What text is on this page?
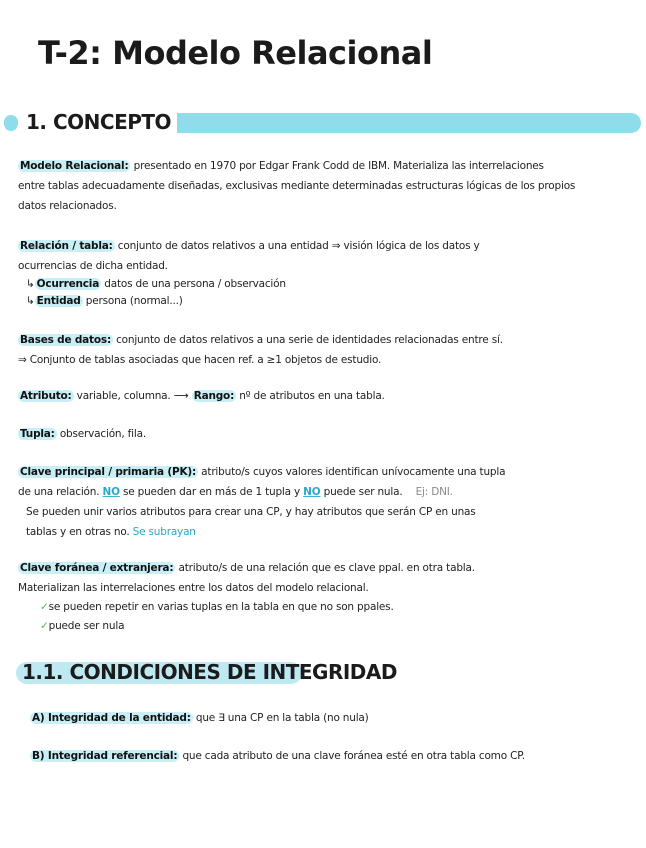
T-2: Modelo Relacional
1. CONCEPTO
Modelo Relacional: presentado en 1970 por Edgar Frank Codd de IBM. Materializa las interrelaciones
entre tablas adecuadamente diseñadas, exclusivas mediante determinadas estructuras lógicas de los propios
datos relacionados.
Relación / tabla: conjunto de datos relativos a una entidad ⇒ visión lógica de los datos y
ocurrencias de dicha entidad.
↳ Ocurrencia datos de una persona / observación
↳ Entidad persona (normal...)
Bases de datos: conjunto de datos relativos a una serie de identidades relacionadas entre sí.
⇒ Conjunto de tablas asociadas que hacen ref. a ≥1 objetos de estudio.
Atributo: variable, columna. ⟶ Rango: nº de atributos en una tabla.
Tupla: observación, fila.
Clave principal / primaria (PK): atributo/s cuyos valores identifican unívocamente una tupla
de una relación. NO se pueden dar en más de 1 tupla y NO puede ser nula. Ej: DNI.
Se pueden unir varios atributos para crear una CP, y hay atributos que serán CP en unas
tablas y en otras no. Se subrayan
Clave foránea / extranjera: atributo/s de una relación que es clave ppal. en otra tabla.
Materializan las interrelaciones entre los datos del modelo relacional.
✓se pueden repetir en varias tuplas en la tabla en que no son ppales.
✓puede ser nula
1.1. CONDICIONES DE INTEGRIDAD
A) Integridad de la entidad: que ∃ una CP en la tabla (no nula)
B) Integridad referencial: que cada atributo de una clave foránea esté en otra tabla como CP.
